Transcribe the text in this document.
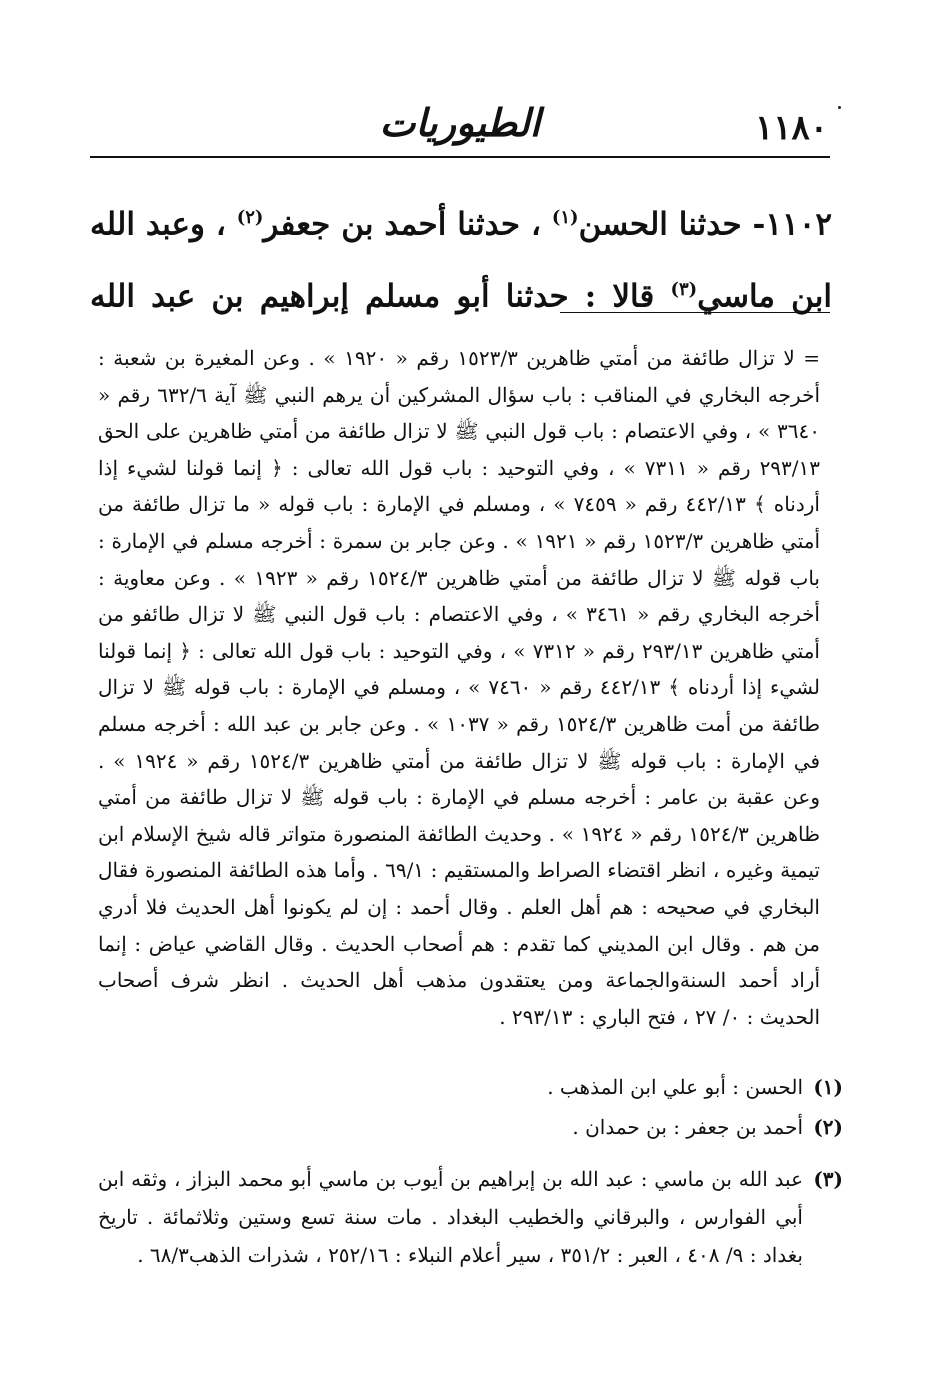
١١٨٠
الطيوريات
١١٠٢- حدثنا الحسن$^{(١)}$ ، حدثنا أحمد بن جعفر$^{(٢)}$ ، وعبد الله
ابن ماسي$^{(٣)}$ قالا : حدثنا أبو مسلم إبراهيم بن عبد الله
= لا تزال طائفة من أمتي ظاهرين ١٥٢٣/٣ رقم « ١٩٢٠ » . وعن المغيرة بن شعبة : أخرجه البخاري في المناقب : باب سؤال المشركين أن يرهم النبي ﷺ آية ٦٣٢/٦ رقم « ٣٦٤٠ » ، وفي الاعتصام : باب قول النبي ﷺ لا تزال طائفة من أمتي ظاهرين على الحق ٢٩٣/١٣ رقم « ٧٣١١ » ، وفي التوحيد : باب قول الله تعالى : ﴿ إنما قولنا لشيء إذا أردناه ﴾ ٤٤٢/١٣ رقم « ٧٤٥٩ » ، ومسلم في الإمارة : باب قوله « ما تزال طائفة من أمتي ظاهرين ١٥٢٣/٣ رقم « ١٩٢١ » . وعن جابر بن سمرة : أخرجه مسلم في الإمارة : باب قوله ﷺ لا تزال طائفة من أمتي ظاهرين ١٥٢٤/٣ رقم « ١٩٢٣ » . وعن معاوية : أخرجه البخاري رقم « ٣٤٦١ » ، وفي الاعتصام : باب قول النبي ﷺ لا تزال طائفو من أمتي ظاهرين ٢٩٣/١٣ رقم « ٧٣١٢ » ، وفي التوحيد : باب قول الله تعالى : ﴿ إنما قولنا لشيء إذا أردناه ﴾ ٤٤٢/١٣ رقم « ٧٤٦٠ » ، ومسلم في الإمارة : باب قوله ﷺ لا تزال طائفة من أمت ظاهرين ١٥٢٤/٣ رقم « ١٠٣٧ » . وعن جابر بن عبد الله : أخرجه مسلم في الإمارة : باب قوله ﷺ لا تزال طائفة من أمتي ظاهرين ١٥٢٤/٣ رقم « ١٩٢٤ » . وعن عقبة بن عامر : أخرجه مسلم في الإمارة : باب قوله ﷺ لا تزال طائفة من أمتي ظاهرين ١٥٢٤/٣ رقم « ١٩٢٤ » . وحديث الطائفة المنصورة متواتر قاله شيخ الإسلام ابن تيمية وغيره ، انظر اقتضاء الصراط والمستقيم : ٦٩/١ . وأما هذه الطائفة المنصورة فقال البخاري في صحيحه : هم أهل العلم . وقال أحمد : إن لم يكونوا أهل الحديث فلا أدري من هم . وقال ابن المديني كما تقدم : هم أصحاب الحديث . وقال القاضي عياض : إنما أراد أحمد السنةوالجماعة ومن يعتقدون مذهب أهل الحديث . انظر شرف أصحاب الحديث : ٠/ ٢٧ ، فتح الباري : ٢٩٣/١٣ .
(١)
الحسن : أبو علي ابن المذهب .
(٢)
أحمد بن جعفر : بن حمدان .
(٣)
عبد الله بن ماسي : عبد الله بن إبراهيم بن أيوب بن ماسي أبو محمد البزاز ، وثقه ابن أبي الفوارس ، والبرقاني والخطيب البغداد . مات سنة تسع وستين وثلاثمائة . تاريخ بغداد : ٩/ ٤٠٨ ، العبر : ٣٥١/٢ ، سير أعلام النبلاء : ٢٥٢/١٦ ، شذرات الذهب٦٨/٣ .
